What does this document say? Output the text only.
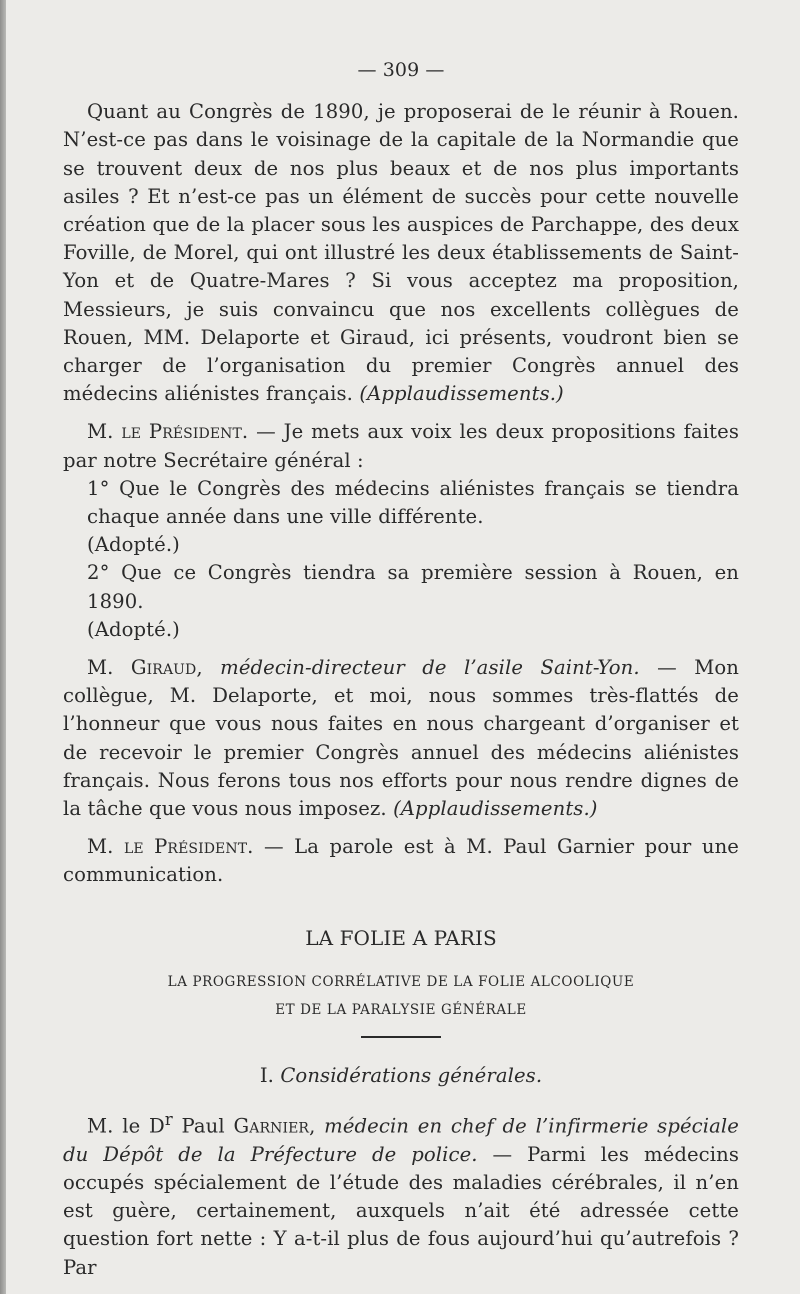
— 309 —

Quant au Congrès de 1890, je proposerai de le réunir à Rouen. N’est-ce pas dans le voisinage de la capitale de la Normandie que se trouvent deux de nos plus beaux et de nos plus importants asiles ? Et n’est-ce pas un élément de succès pour cette nouvelle création que de la placer sous les auspices de Parchappe, des deux Foville, de Morel, qui ont illustré les deux établissements de Saint-Yon et de Quatre-Mares ? Si vous acceptez ma proposition, Messieurs, je suis convaincu que nos excellents collègues de Rouen, MM. Delaporte et Giraud, ici présents, voudront bien se charger de l’organisation du premier Congrès annuel des médecins aliénistes français. (Applaudissements.)

M. le Président. — Je mets aux voix les deux propositions faites par notre Secrétaire général :

1° Que le Congrès des médecins aliénistes français se tiendra chaque année dans une ville différente.

(Adopté.)

2° Que ce Congrès tiendra sa première session à Rouen, en 1890.

(Adopté.)

M. Giraud, médecin-directeur de l’asile Saint-Yon. — Mon collègue, M. Delaporte, et moi, nous sommes très-flattés de l’honneur que vous nous faites en nous chargeant d’organiser et de recevoir le premier Congrès annuel des médecins aliénistes français. Nous ferons tous nos efforts pour nous rendre dignes de la tâche que vous nous imposez. (Applaudissements.)

M. le Président. — La parole est à M. Paul Garnier pour une communication.

LA FOLIE A PARIS
LA PROGRESSION CORRÉLATIVE DE LA FOLIE ALCOOLIQUE
ET DE LA PARALYSIE GÉNÉRALE
I. Considérations générales.

M. le $D^r$ Paul Garnier, médecin en chef de l’infirmerie spéciale du Dépôt de la Préfecture de police. — Parmi les médecins occupés spécialement de l’étude des maladies cérébrales, il n’en est guère, certainement, auxquels n’ait été adressée cette question fort nette : Y a-t-il plus de fous aujourd’hui qu’autrefois ? Par
